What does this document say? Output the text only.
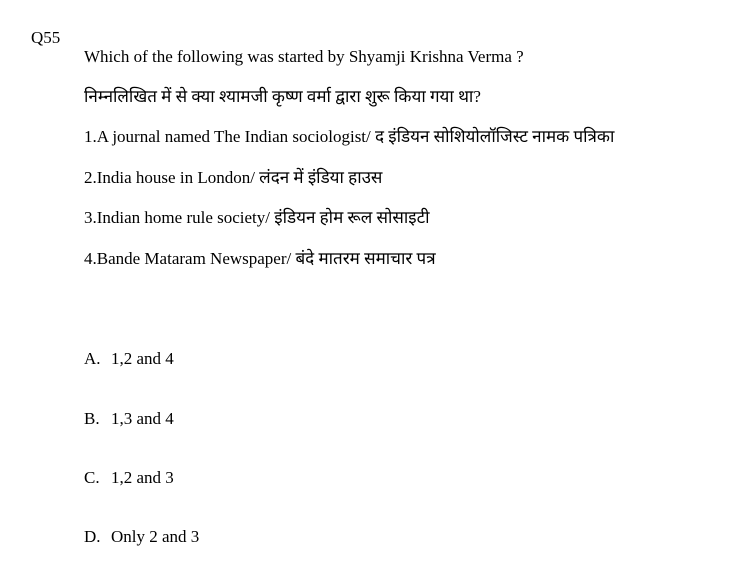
Q55
Which of the following was started by Shyamji Krishna Verma ?
निम्नलिखित में से क्या श्यामजी कृष्ण वर्मा द्वारा शुरू किया गया था?
1.A journal named The Indian sociologist/ द इंडियन सोशियोलॉजिस्ट नामक पत्रिका
2.India house in London/ लंदन में इंडिया हाउस
3.Indian home rule society/ इंडियन होम रूल सोसाइटी
4.Bande Mataram Newspaper/ बंदे मातरम समाचार पत्र
A. 1,2 and 4
B. 1,3 and 4
C. 1,2 and 3
D. Only 2 and 3
